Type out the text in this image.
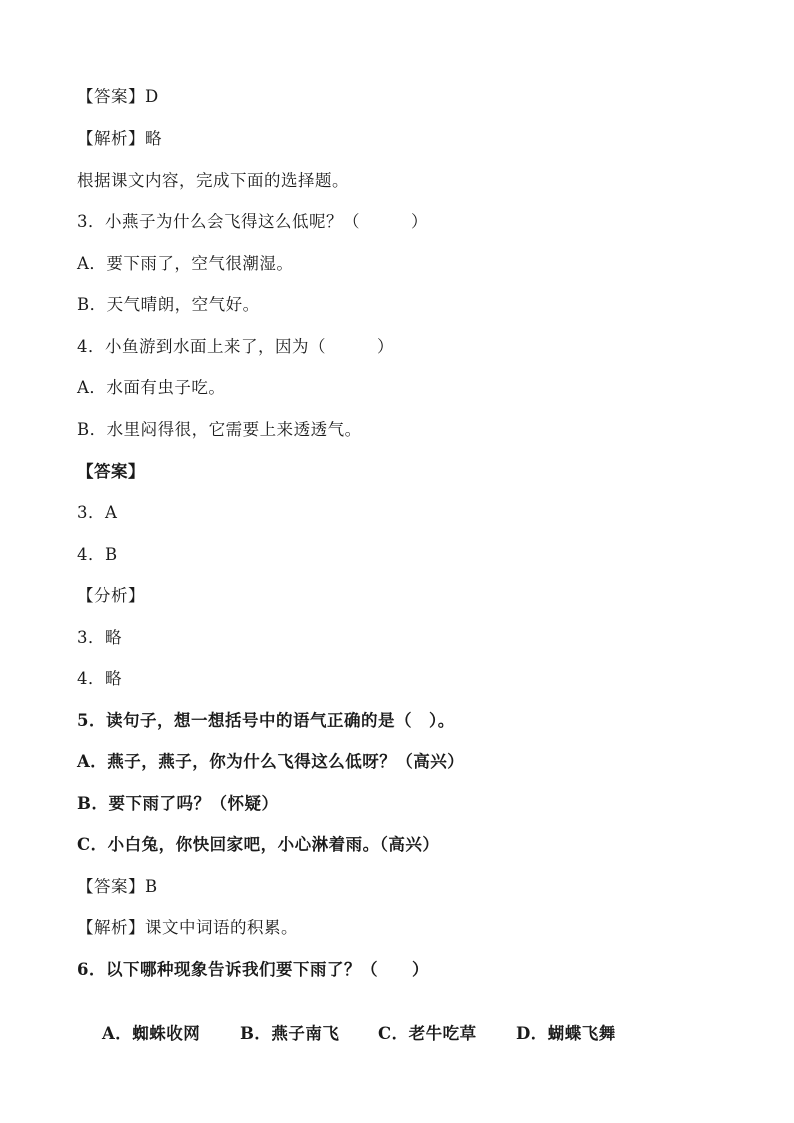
【答案】D
【解析】略
根据课文内容，完成下面的选择题。
3．小燕子为什么会飞得这么低呢？（　　　）
A．要下雨了，空气很潮湿。
B．天气晴朗，空气好。
4．小鱼游到水面上来了，因为（　　　）
A．水面有虫子吃。
B．水里闷得很，它需要上来透透气。
【答案】
3．A
4．B
【分析】
3．略
4．略
5．读句子，想一想括号中的语气正确的是（　）。
A．燕子，燕子，你为什么飞得这么低呀？（高兴）
B．要下雨了吗？（怀疑）
C．小白兔，你快回家吧，小心淋着雨。（高兴）
【答案】B
【解析】课文中词语的积累。
6．以下哪种现象告诉我们要下雨了？（　　）

A．蜘蛛收网 B．燕子南飞 C．老牛吃草 D．蝴蝶飞舞
